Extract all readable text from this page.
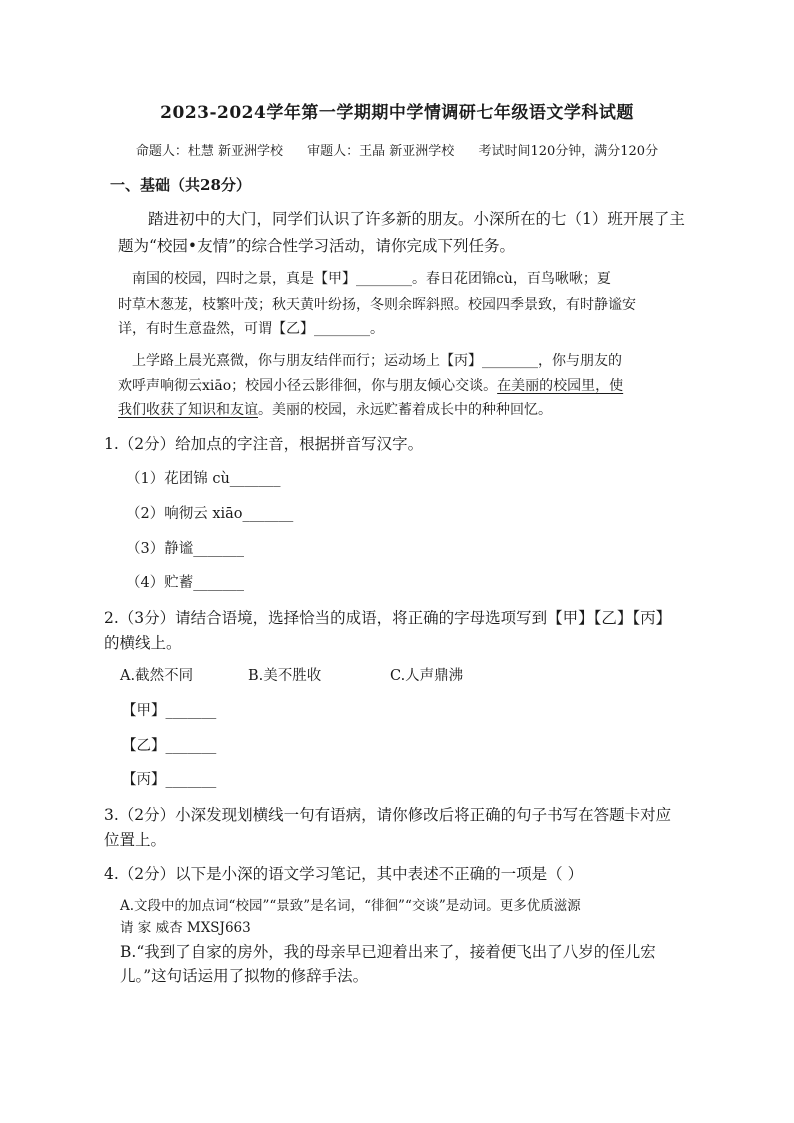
2023-2024学年第一学期期中学情调研七年级语文学科试题
命题人：杜慧 新亚洲学校 审题人：王晶 新亚洲学校 考试时间120分钟，满分120分
一、基础（共28分）
踏进初中的大门，同学们认识了许多新的朋友。小深所在的七（1）班开展了主
题为“校园•友情”的综合性学习活动，请你完成下列任务。
南国的校园，四时之景，真是【甲】________。春日花团锦cù，百鸟啾啾；夏
时草木葱茏，枝繁叶茂；秋天黄叶纷扬，冬则余晖斜照。校园四季景致，有时静谧安
详，有时生意盎然，可谓【乙】________。
上学路上晨光熹微，你与朋友结伴而行；运动场上【丙】________，你与朋友的
欢呼声响彻云xiāo；校园小径云影徘徊，你与朋友倾心交谈。在美丽的校园里，使
我们收获了知识和友谊。美丽的校园，永远贮蓄着成长中的种种回忆。
1.（2分）给加点的字注音，根据拼音写汉字。
（1）花团锦 cù_______
（2）响彻云 xiāo_______
（3）静谧_______
（4）贮蓄_______
2.（3分）请结合语境，选择恰当的成语，将正确的字母选项写到【甲】【乙】【丙】
的横线上。
A.截然不同	B.美不胜收	C.人声鼎沸
【甲】_______
【乙】_______
【丙】_______
3.（2分）小深发现划横线一句有语病，请你修改后将正确的句子书写在答题卡对应
位置上。
4.（2分）以下是小深的语文学习笔记，其中表述不正确的一项是（ ）
A.文段中的加点词“校园”“景致”是名词，“徘徊”“交谈”是动词。更多优质滋源
请 家 威杏 MXSJ663
B.“我到了自家的房外，我的母亲早已迎着出来了，接着便飞出了八岁的侄儿宏
儿。”这句话运用了拟物的修辞手法。
